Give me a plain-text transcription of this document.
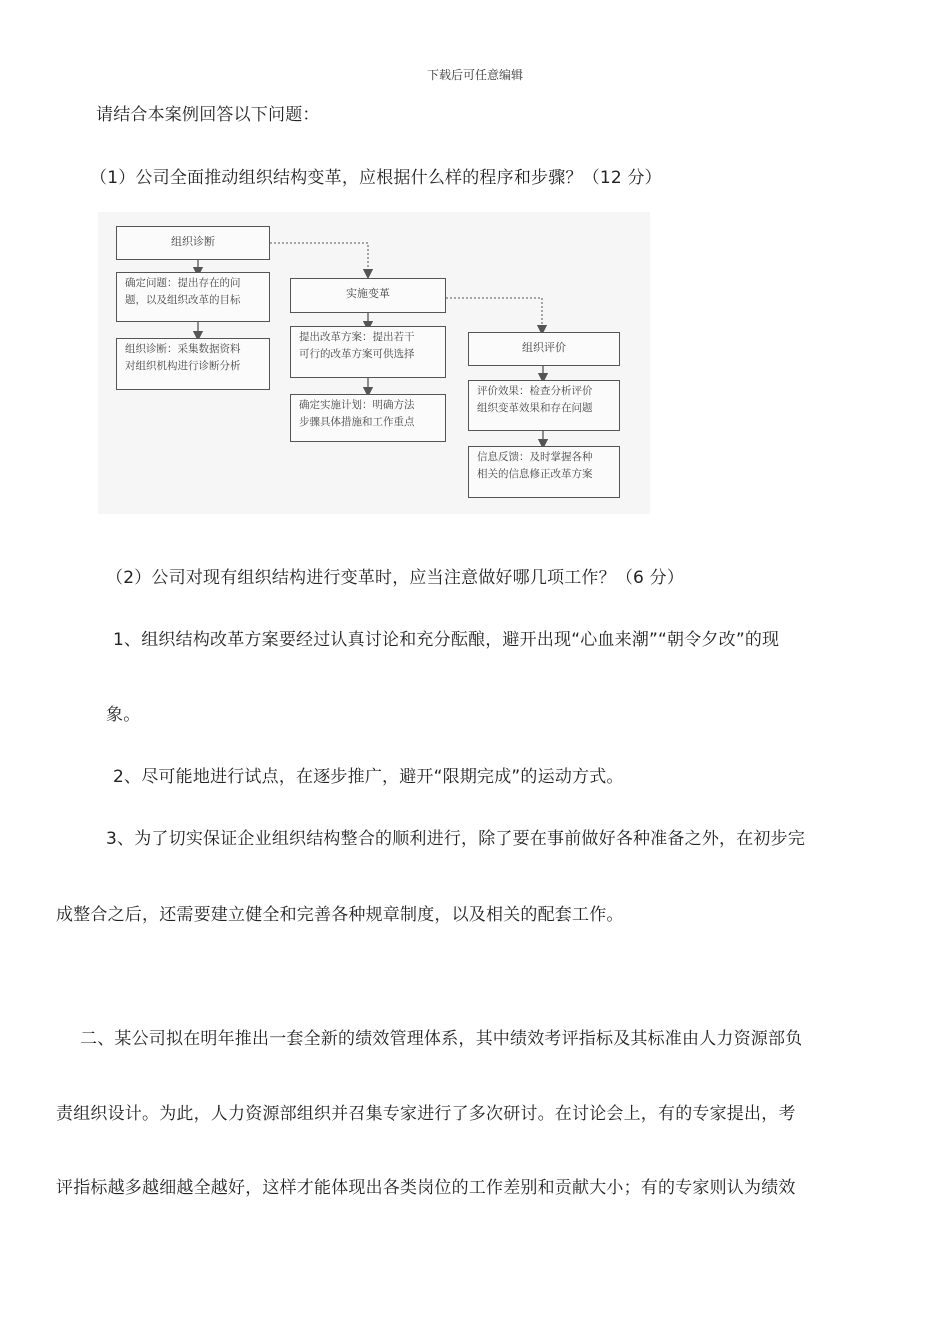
下载后可任意编辑
请结合本案例回答以下问题：
（1）公司全面推动组织结构变革，应根据什么样的程序和步骤？（12 分）
组织诊断
确定问题：提出存在的问
题，以及组织改革的目标
组织诊断：采集数据资料
对组织机构进行诊断分析
实施变革
提出改革方案：提出若干
可行的改革方案可供选择
确定实施计划：明确方法
步骤具体措施和工作重点
组织评价
评价效果：检查分析评价
组织变革效果和存在问题
信息反馈：及时掌握各种
相关的信息修正改革方案
（2）公司对现有组织结构进行变革时，应当注意做好哪几项工作？（6 分）
1、组织结构改革方案要经过认真讨论和充分酝酿，避开出现“心血来潮”“朝令夕改”的现
象。
2、尽可能地进行试点，在逐步推广，避开“限期完成”的运动方式。
3、为了切实保证企业组织结构整合的顺利进行，除了要在事前做好各种准备之外，在初步完
成整合之后，还需要建立健全和完善各种规章制度，以及相关的配套工作。
二、某公司拟在明年推出一套全新的绩效管理体系，其中绩效考评指标及其标准由人力资源部负
责组织设计。为此，人力资源部组织并召集专家进行了多次研讨。在讨论会上，有的专家提出，考
评指标越多越细越全越好，这样才能体现出各类岗位的工作差别和贡献大小；有的专家则认为绩效
